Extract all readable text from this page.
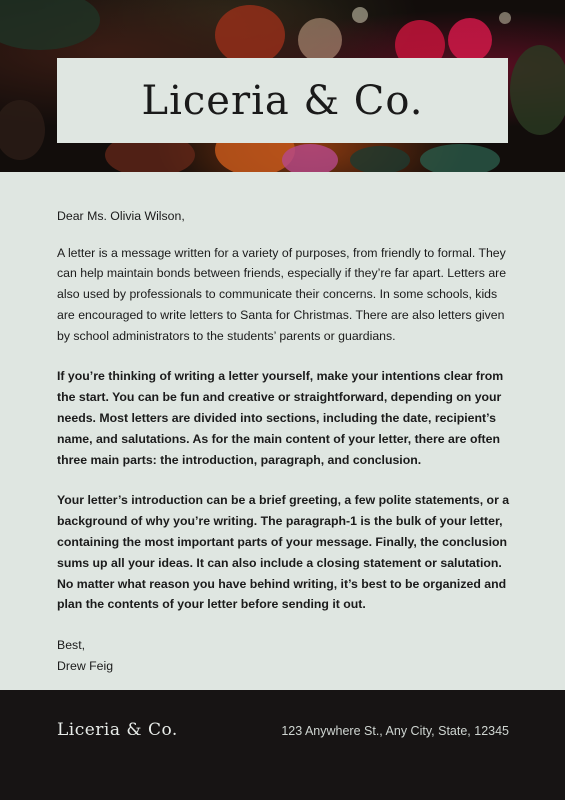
Liceria & Co.

Dear Ms. Olivia Wilson,

A letter is a message written for a variety of purposes, from friendly to formal. They can help maintain bonds between friends, especially if they’re far apart. Letters are also used by professionals to communicate their concerns. In some schools, kids are encouraged to write letters to Santa for Christmas. There are also letters given by school administrators to the students’ parents or guardians.

If you’re thinking of writing a letter yourself, make your intentions clear from the start. You can be fun and creative or straightforward, depending on your needs. Most letters are divided into sections, including the date, recipient’s name, and salutations. As for the main content of your letter, there are often three main parts: the introduction, paragraph, and conclusion.

Your letter’s introduction can be a brief greeting, a few polite statements, or a background of why you’re writing. The paragraph-1 is the bulk of your letter, containing the most important parts of your message. Finally, the conclusion sums up all your ideas. It can also include a closing statement or salutation. No matter what reason you have behind writing, it’s best to be organized and plan the contents of your letter before sending it out.

Best,

Drew Feig

Liceria & Co.	123 Anywhere St., Any City, State, 12345
